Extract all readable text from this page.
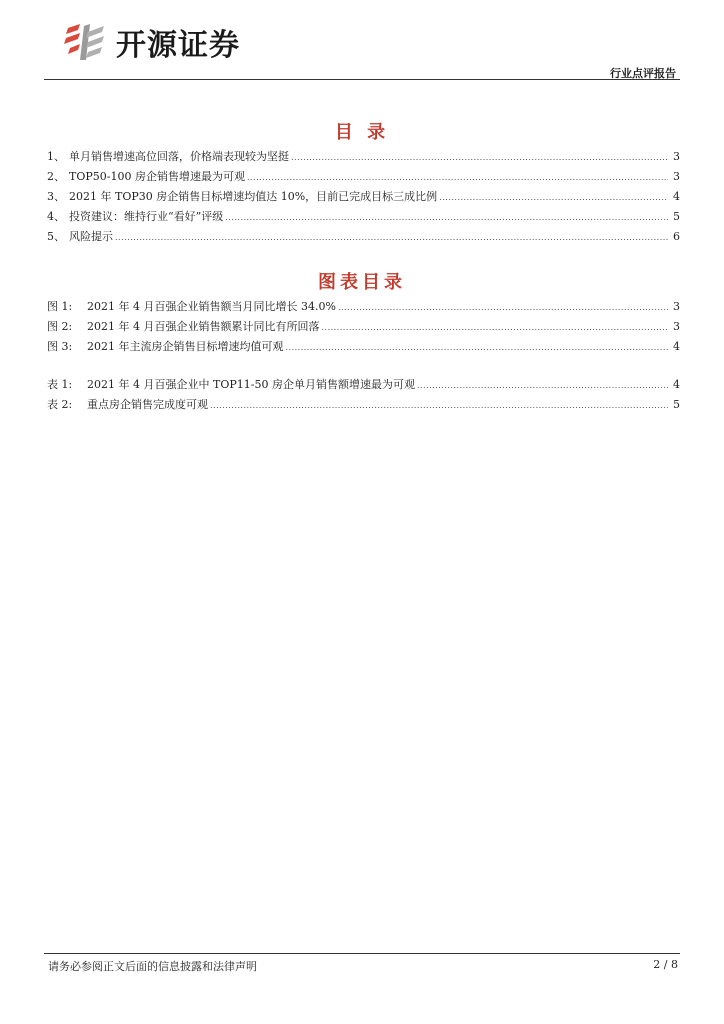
开源证券
行业点评报告
目 录
1、 单月销售增速高位回落，价格端表现较为坚挺 .....	3
2、 TOP50-100 房企销售增速最为可观 .....	3
3、 2021 年 TOP30 房企销售目标增速均值达 10%，目前已完成目标三成比例 .....	4
4、 投资建议：维持行业“看好”评级 .....	5
5、 风险提示 .....	6
图表目录
图 1:	2021 年 4 月百强企业销售额当月同比增长 34.0% .....	3
图 2:	2021 年 4 月百强企业销售额累计同比有所回落 .....	3
图 3:	2021 年主流房企销售目标增速均值可观 .....	4
表 1:	2021 年 4 月百强企业中 TOP11-50 房企单月销售额增速最为可观 .....	4
表 2:	重点房企销售完成度可观 .....	5
请务必参阅正文后面的信息披露和法律声明	2 / 8
